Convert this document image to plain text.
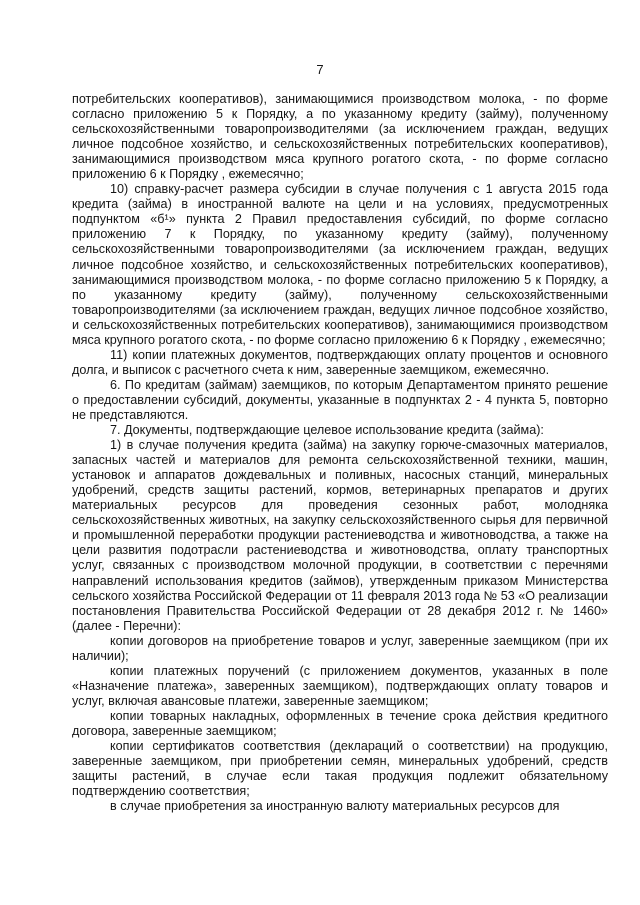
7

потребительских кооперативов), занимающимися производством молока, - по форме согласно приложению 5 к Порядку, а по указанному кредиту (займу), полученному сельскохозяйственными товаропроизводителями (за исключением граждан, ведущих личное подсобное хозяйство, и сельскохозяйственных потребительских кооперативов), занимающимися производством мяса крупного рогатого скота, - по форме согласно приложению 6 к Порядку , ежемесячно;

10) справку-расчет размера субсидии в случае получения с 1 августа 2015 года кредита (займа) в иностранной валюте на цели и на условиях, предусмотренных подпунктом «б¹» пункта 2 Правил предоставления субсидий, по форме согласно приложению 7 к Порядку, по указанному кредиту (займу), полученному сельскохозяйственными товаропроизводителями (за исключением граждан, ведущих личное подсобное хозяйство, и сельскохозяйственных потребительских кооперативов), занимающимися производством молока, - по форме согласно приложению 5 к Порядку, а по указанному кредиту (займу), полученному сельскохозяйственными товаропроизводителями (за исключением граждан, ведущих личное подсобное хозяйство, и сельскохозяйственных потребительских кооперативов), занимающимися производством мяса крупного рогатого скота, - по форме согласно приложению 6 к Порядку , ежемесячно;

11) копии платежных документов, подтверждающих оплату процентов и основного долга, и выписок с расчетного счета к ним, заверенные заемщиком, ежемесячно.

6. По кредитам (займам) заемщиков, по которым Департаментом принято решение о предоставлении субсидий, документы, указанные в подпунктах 2 - 4 пункта 5, повторно не представляются.

7. Документы, подтверждающие целевое использование кредита (займа):

1) в случае получения кредита (займа) на закупку горюче-смазочных материалов, запасных частей и материалов для ремонта сельскохозяйственной техники, машин, установок и аппаратов дождевальных и поливных, насосных станций, минеральных удобрений, средств защиты растений, кормов, ветеринарных препаратов и других материальных ресурсов для проведения сезонных работ, молодняка сельскохозяйственных животных, на закупку сельскохозяйственного сырья для первичной и промышленной переработки продукции растениеводства и животноводства, а также на цели развития подотрасли растениеводства и животноводства, оплату транспортных услуг, связанных с производством молочной продукции, в соответствии с перечнями направлений использования кредитов (займов), утвержденным приказом Министерства сельского хозяйства Российской Федерации от 11 февраля 2013 года № 53 «О реализации постановления Правительства Российской Федерации от 28 декабря 2012 г. № 1460» (далее - Перечни):

копии договоров на приобретение товаров и услуг, заверенные заемщиком (при их наличии);

копии платежных поручений (с приложением документов, указанных в поле «Назначение платежа», заверенных заемщиком), подтверждающих оплату товаров и услуг, включая авансовые платежи, заверенные заемщиком;

копии товарных накладных, оформленных в течение срока действия кредитного договора, заверенные заемщиком;

копии сертификатов соответствия (деклараций о соответствии) на продукцию, заверенные заемщиком, при приобретении семян, минеральных удобрений, средств защиты растений, в случае если такая продукция подлежит обязательному подтверждению соответствия;

в случае приобретения за иностранную валюту материальных ресурсов для
